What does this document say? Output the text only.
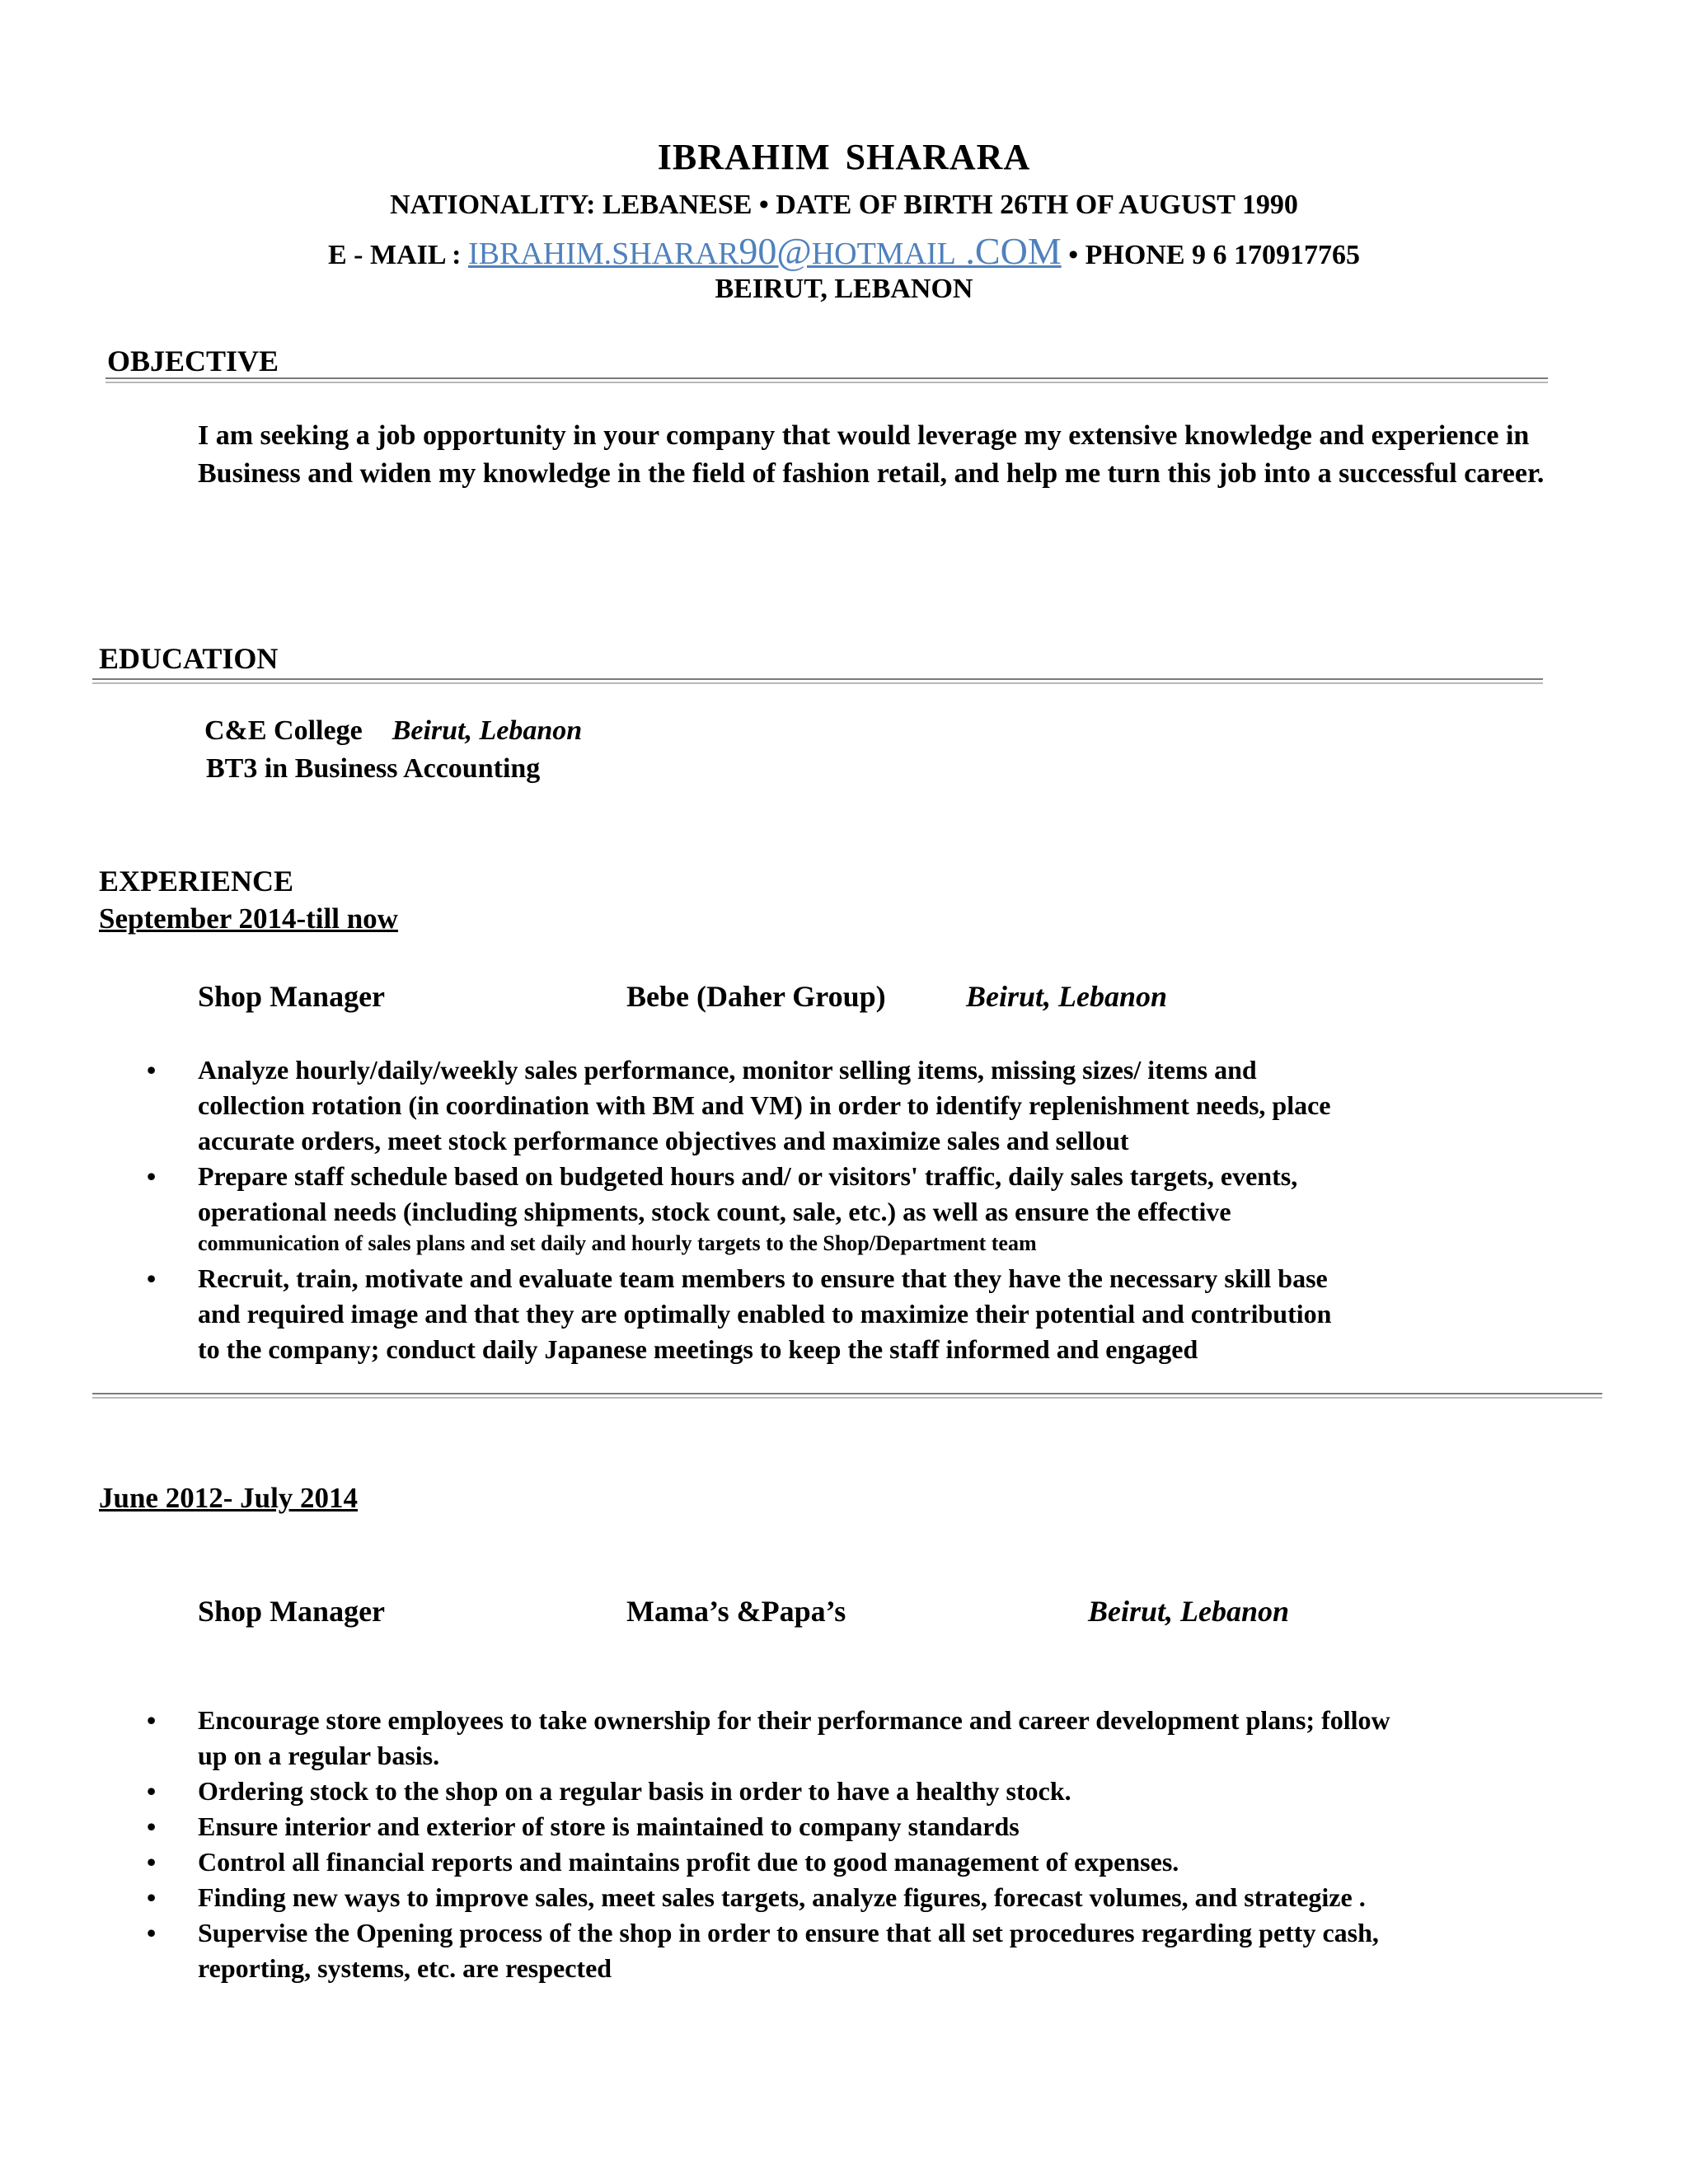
IBRAHIM SHARARA
NATIONALITY: LEBANESE • DATE OF BIRTH 26TH OF AUGUST 1990
E - MAIL : IBRAHIM.SHARAR90@HOTMAIL .COM • PHONE 9 6 170917765
BEIRUT, LEBANON
OBJECTIVE
I am seeking a job opportunity in your company that would leverage my extensive knowledge and experience in Business and widen my knowledge in the field of fashion retail, and help me turn this job into a successful career.
EDUCATION
C&E College Beirut, Lebanon
BT3 in Business Accounting
EXPERIENCE
September 2014-till now
Shop Manager	Bebe (Daher Group)	Beirut, Lebanon
• Analyze hourly/daily/weekly sales performance, monitor selling items, missing sizes/ items and
collection rotation (in coordination with BM and VM) in order to identify replenishment needs, place
accurate orders, meet stock performance objectives and maximize sales and sellout
• Prepare staff schedule based on budgeted hours and/ or visitors' traffic, daily sales targets, events,
operational needs (including shipments, stock count, sale, etc.) as well as ensure the effective
communication of sales plans and set daily and hourly targets to the Shop/Department team
• Recruit, train, motivate and evaluate team members to ensure that they have the necessary skill base
and required image and that they are optimally enabled to maximize their potential and contribution
to the company; conduct daily Japanese meetings to keep the staff informed and engaged
June 2012- July 2014
Shop Manager	Mama’s &Papa’s	Beirut, Lebanon
• Encourage store employees to take ownership for their performance and career development plans; follow
up on a regular basis.
• Ordering stock to the shop on a regular basis in order to have a healthy stock.
• Ensure interior and exterior of store is maintained to company standards
• Control all financial reports and maintains profit due to good management of expenses.
• Finding new ways to improve sales, meet sales targets, analyze figures, forecast volumes, and strategize .
• Supervise the Opening process of the shop in order to ensure that all set procedures regarding petty cash,
reporting, systems, etc. are respected
